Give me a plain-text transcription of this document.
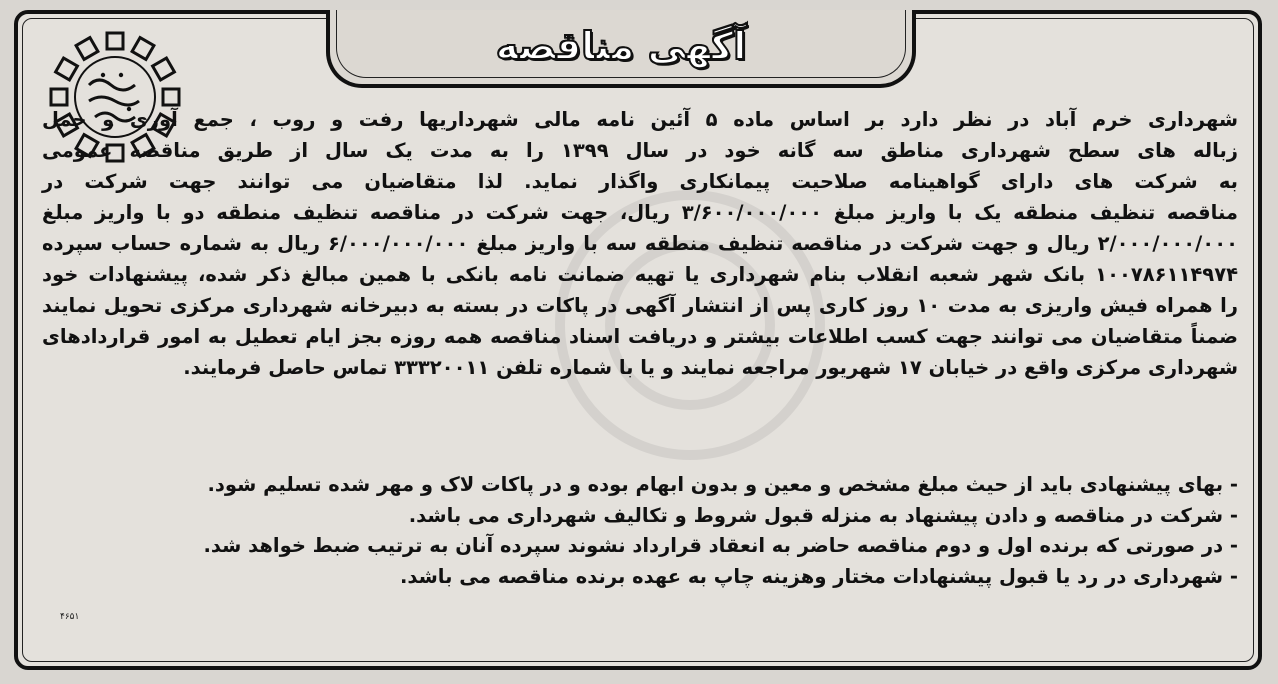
آگهی مناقصه

شهرداری خرم آباد در نظر دارد بر اساس ماده ۵ آئین نامه مالی شهرداریها رفت و روب ، جمع آوری و حمل

زباله های سطح شهرداری مناطق سه گانه خود در سال ۱۳۹۹ را به مدت یک سال از طریق مناقصه عمومی

به شرکت های دارای گواهینامه صلاحیت پیمانکاری واگذار نماید. لذا متقاضیان می توانند جهت شرکت در

مناقصه تنظیف منطقه یک با واریز مبلغ ۳/۶۰۰/۰۰۰/۰۰۰ ریال، جهت شرکت در مناقصه تنظیف منطقه دو با واریز مبلغ

۲/۰۰۰/۰۰۰/۰۰۰ ریال و جهت شرکت در مناقصه تنظیف منطقه سه با واریز مبلغ ۶/۰۰۰/۰۰۰/۰۰۰ ریال به شماره حساب سپرده

۱۰۰۷۸۶۱۱۴۹۷۴ بانک شهر شعبه انقلاب بنام شهرداری یا تهیه ضمانت نامه بانکی با همین مبالغ ذکر شده، پیشنهادات خود

را همراه فیش واریزی به مدت ۱۰ روز کاری پس از انتشار آگهی در پاکات در بسته به دبیرخانه شهرداری مرکزی تحویل نمایند

ضمناً متقاضیان می توانند جهت کسب اطلاعات بیشتر و دریافت اسناد مناقصه همه روزه بجز ایام تعطیل به امور قراردادهای

شهرداری مرکزی واقع در خیابان ۱۷ شهریور مراجعه نمایند و یا با شماره تلفن ۳۳۳۲۰۰۱۱ تماس حاصل فرمایند.

- بهای پیشنهادی باید از حیث مبلغ مشخص و معین و بدون ابهام بوده و در پاکات لاک و مهر شده تسلیم شود.
- شرکت در مناقصه و دادن پیشنهاد به منزله قبول شروط و تکالیف شهرداری می باشد.
- در صورتی که برنده اول و دوم مناقصه حاضر به انعقاد قرارداد نشوند سپرده آنان به ترتیب ضبط خواهد شد.
- شهرداری در رد یا قبول پیشنهادات مختار وهزینه چاپ به عهده برنده مناقصه می باشد.
۴۶۵۱
